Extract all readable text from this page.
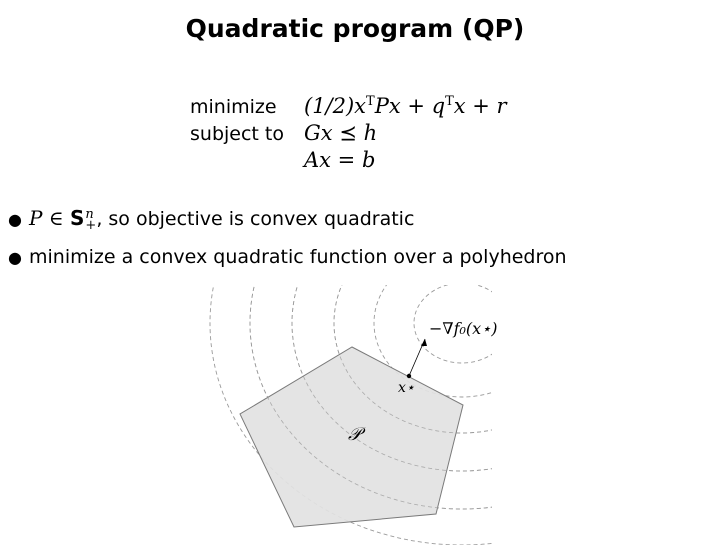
Quadratic program (QP)
minimize	$(1/2)x^TPx + q^Tx + r$
subject to Gx ⪯ h
Ax = b
● P ∈ S n
+ , so objective is convex quadratic
● minimize a convex quadratic function over a polyhedron
𝒫
x⋆
−∇f₀(x⋆)
